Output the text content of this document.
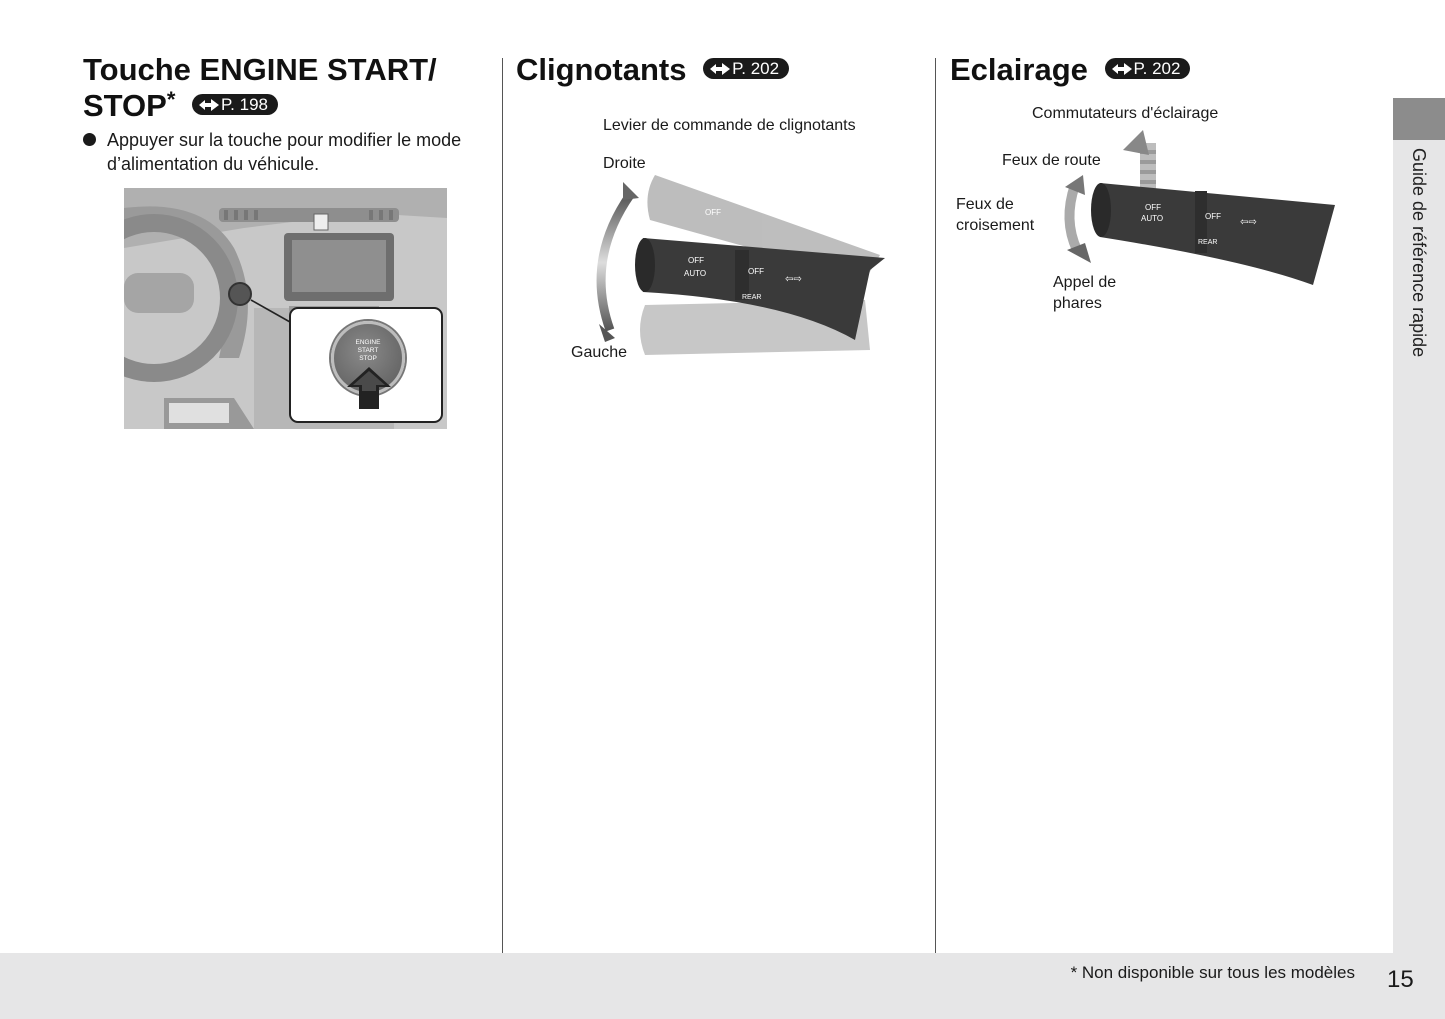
Touche ENGINE START/
STOP*	P. 198
Appuyer sur la touche pour modifier le mode d’alimentation du véhicule.
ENGINE
START
STOP
Clignotants	P. 202
Levier de commande de clignotants
Droite
Gauche
OFF
OFF
AUTO	OFF
REAR
⇦⇨
Eclairage	P. 202
Commutateurs d'éclairage
Feux de route
Feux de
croisement
Appel de
phares
OFF
AUTO	OFF
REAR
⇦⇨	Guide de référence rapide
* Non disponible sur tous les modèles 15
